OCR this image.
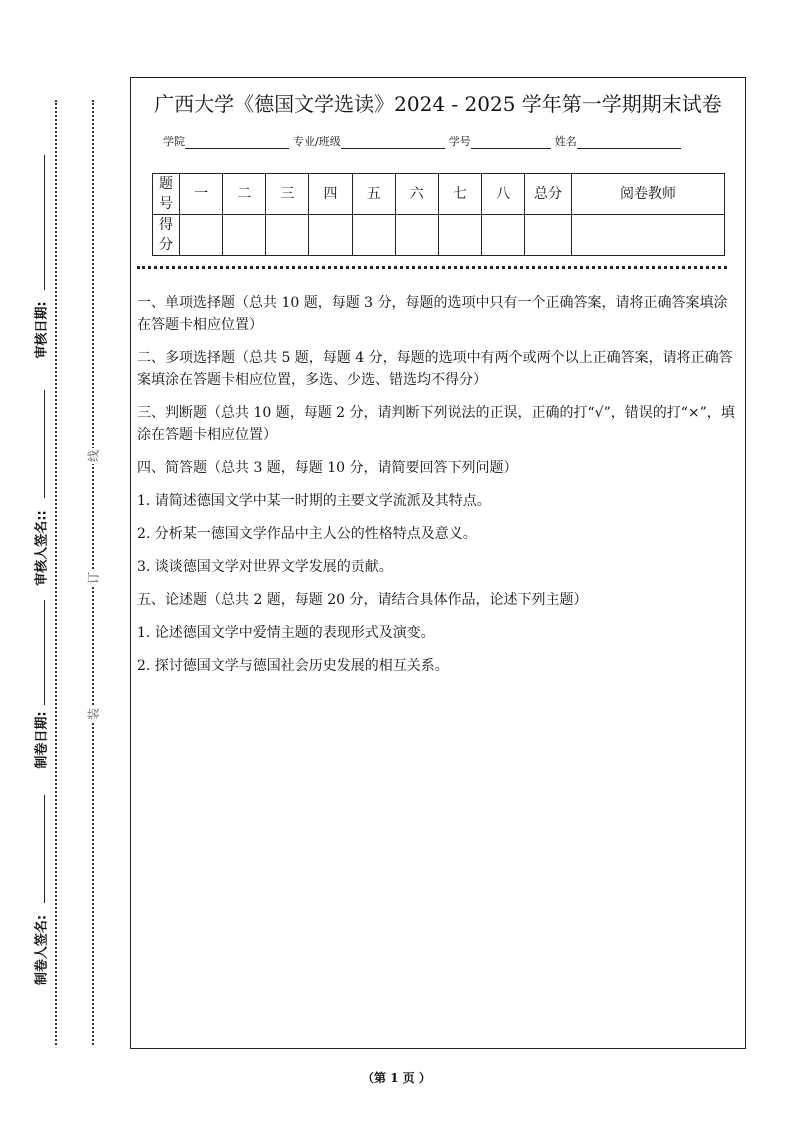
审核日期:
审核人签名::
制卷日期:
制卷人签名:
线
订
装
广西大学《德国文学选读》2024 - 2025 学年第一学期期末试卷
学院	专业/班级	学号	姓名
题号	一	二	三	四	五	六	七	八	总分	阅卷教师
得分										

一、单项选择题（总共 10 题，每题 3 分，每题的选项中只有一个正确答案，请将正确答案填涂在答题卡相应位置）

二、多项选择题（总共 5 题，每题 4 分，每题的选项中有两个或两个以上正确答案，请将正确答案填涂在答题卡相应位置，多选、少选、错选均不得分）

三、判断题（总共 10 题，每题 2 分，请判断下列说法的正误，正确的打“√”，错误的打“×”，填涂在答题卡相应位置）

四、简答题（总共 3 题，每题 10 分，请简要回答下列问题）

1. 请简述德国文学中某一时期的主要文学流派及其特点。

2. 分析某一德国文学作品中主人公的性格特点及意义。

3. 谈谈德国文学对世界文学发展的贡献。

五、论述题（总共 2 题，每题 20 分，请结合具体作品，论述下列主题）

1. 论述德国文学中爱情主题的表现形式及演变。

2. 探讨德国文学与德国社会历史发展的相互关系。

（第 1 页 ）
